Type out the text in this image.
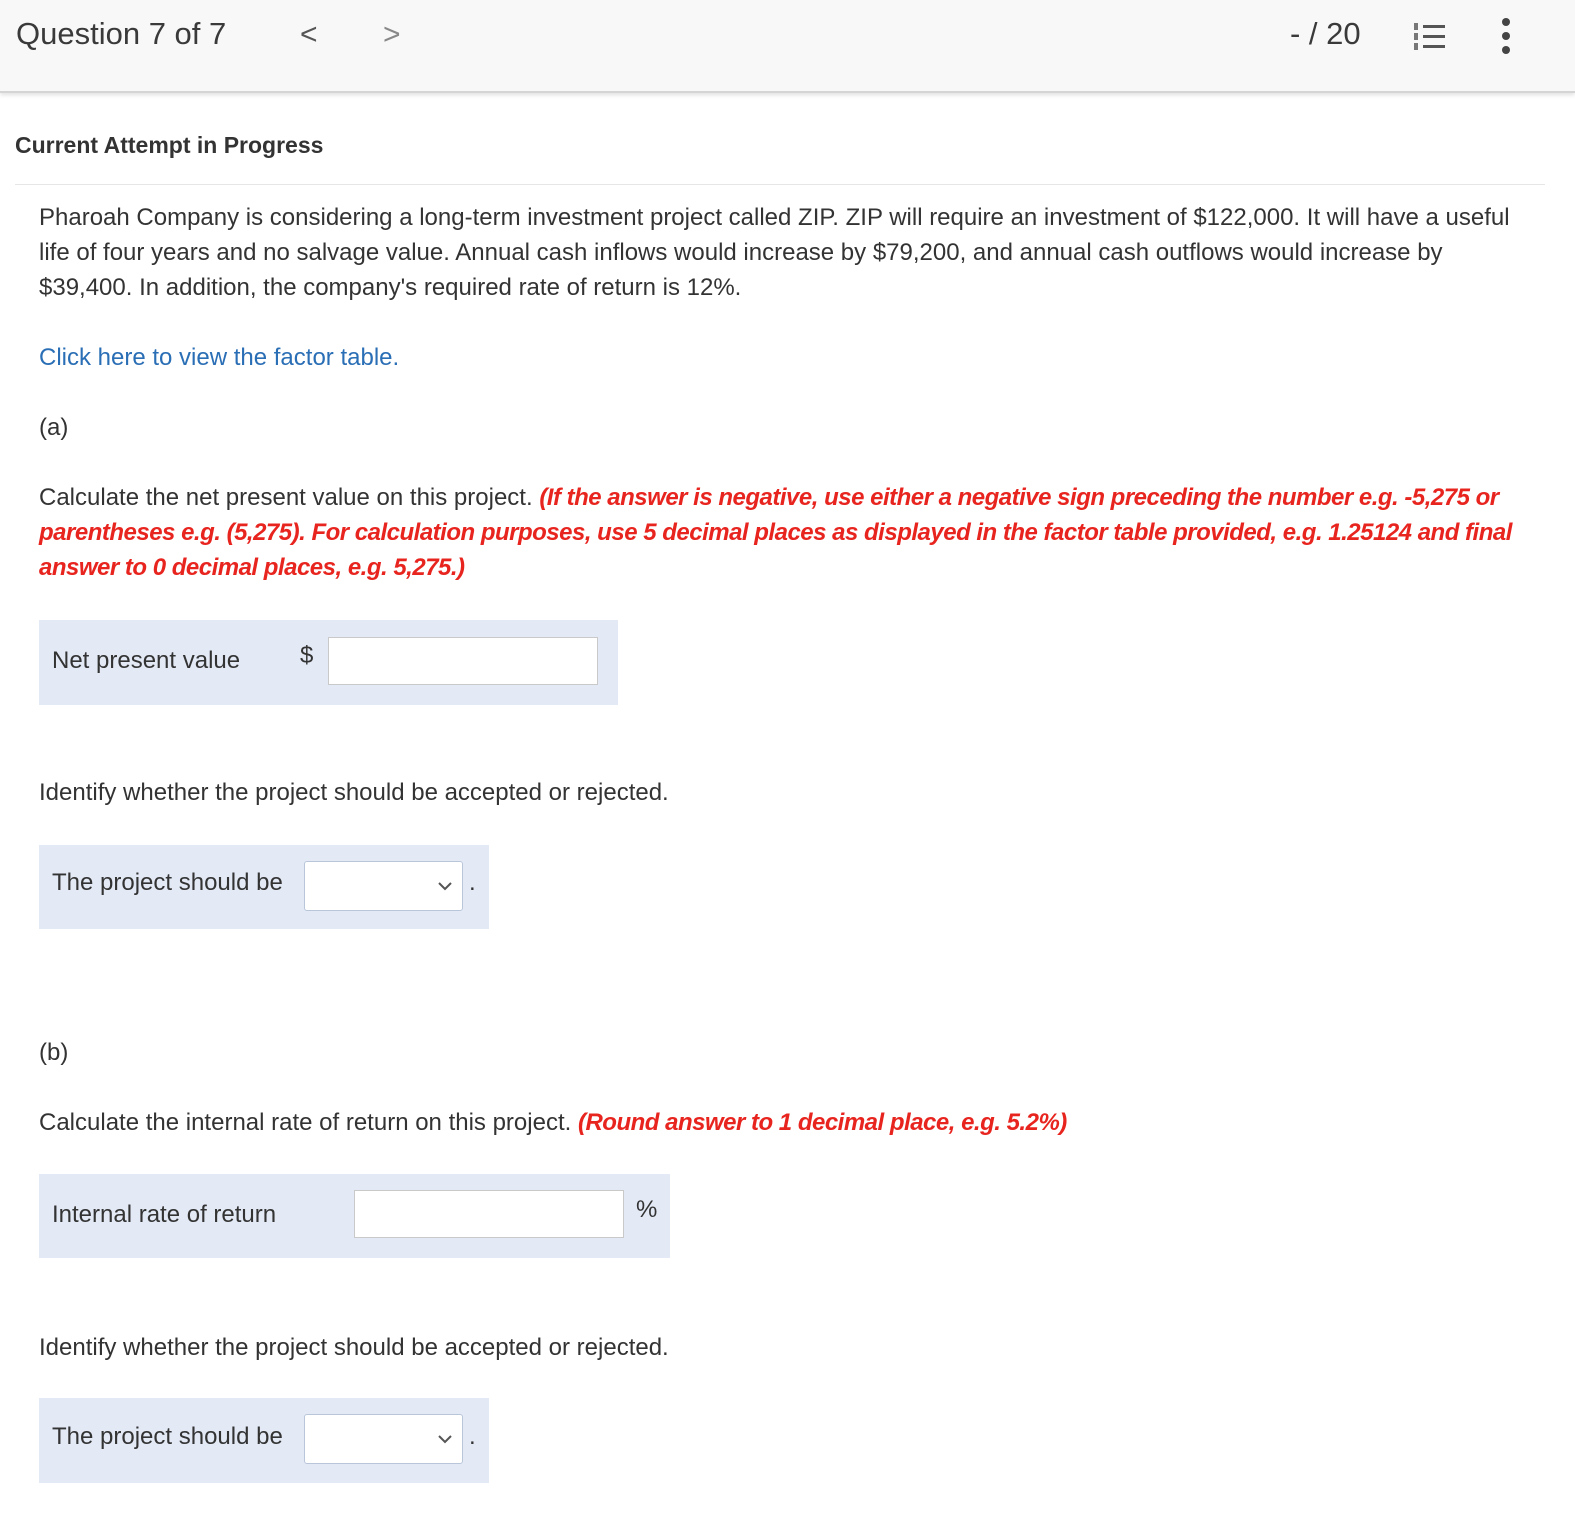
Question 7 of 7 < >	- / 20
Current Attempt in Progress
Pharoah Company is considering a long-term investment project called ZIP. ZIP will require an investment of $122,000. It will have a useful life of four years and no salvage value. Annual cash inflows would increase by $79,200, and annual cash outflows would increase by $39,400. In addition, the company's required rate of return is 12%.
Click here to view the factor table.
(a)
Calculate the net present value on this project. (If the answer is negative, use either a negative sign preceding the number e.g. -5,275 or parentheses e.g. (5,275). For calculation purposes, use 5 decimal places as displayed in the factor table provided, e.g. 1.25124 and final answer to 0 decimal places, e.g. 5,275.)
Net present value $
Identify whether the project should be accepted or rejected.
The project should be	.
(b)
Calculate the internal rate of return on this project. (Round answer to 1 decimal place, e.g. 5.2%)
Internal rate of return	%
Identify whether the project should be accepted or rejected.
The project should be	.
